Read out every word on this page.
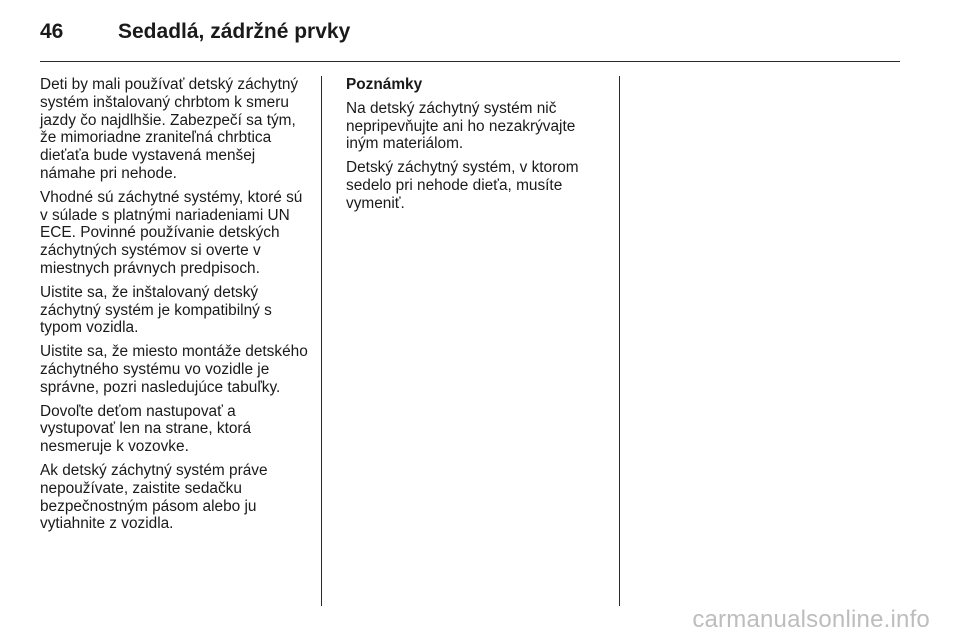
46	Sedadlá, zádržné prvky

Deti by mali používať detský záchytný systém inštalovaný chrbtom k smeru jazdy čo najdlhšie. Zabezpečí sa tým, že mimoriadne zraniteľná chrbtica dieťaťa bude vystavená menšej námahe pri nehode.

Vhodné sú záchytné systémy, ktoré sú v súlade s platnými nariadeniami UN ECE. Povinné používanie detských záchytných systémov si overte v miestnych právnych predpisoch.

Uistite sa, že inštalovaný detský záchytný systém je kompatibilný s typom vozidla.

Uistite sa, že miesto montáže detského záchytného systému vo vozidle je správne, pozri nasledujúce tabuľky.

Dovoľte deťom nastupovať a vystupovať len na strane, ktorá nesmeruje k vozovke.

Ak detský záchytný systém práve nepoužívate, zaistite sedačku bezpečnostným pásom alebo ju vytiahnite z vozidla.

Poznámky

Na detský záchytný systém nič nepripevňujte ani ho nezakrývajte iným materiálom.

Detský záchytný systém, v ktorom sedelo pri nehode dieťa, musíte vymeniť.

carmanualsonline.info
